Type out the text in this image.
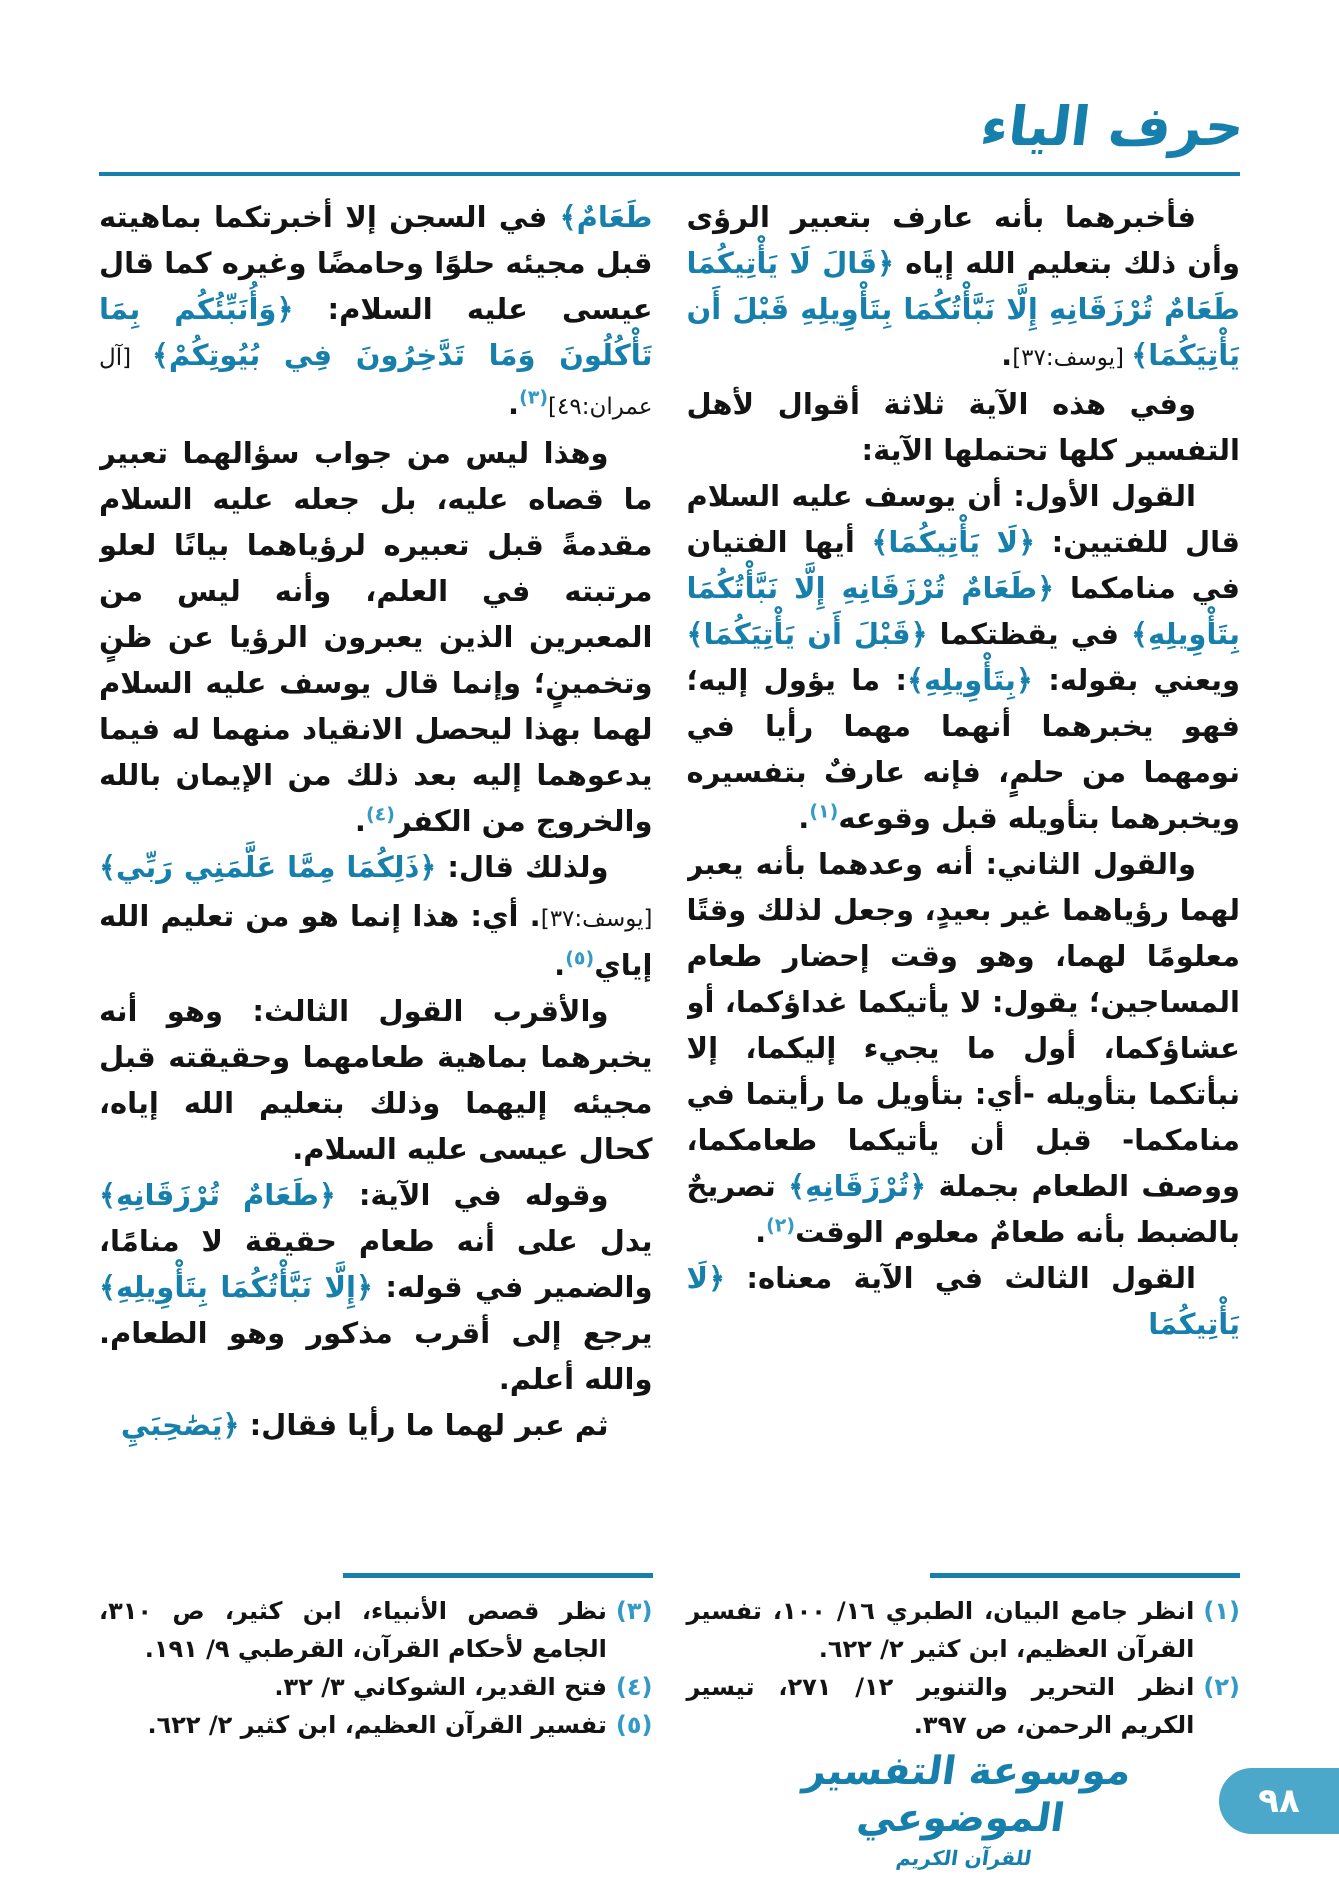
حرف الياء

فأخبرهما بأنه عارف بتعبير الرؤى وأن ذلك بتعليم الله إياه ﴿قَالَ لَا يَأْتِيكُمَا طَعَامٌ تُرْزَقَانِهِ إِلَّا نَبَّأْتُكُمَا بِتَأْوِيلِهِ قَبْلَ أَن يَأْتِيَكُمَا﴾ [يوسف:٣٧].

وفي هذه الآية ثلاثة أقوال لأهل التفسير كلها تحتملها الآية:

القول الأول: أن يوسف عليه السلام قال للفتيين: ﴿لَا يَأْتِيكُمَا﴾ أيها الفتيان في منامكما ﴿طَعَامٌ تُرْزَقَانِهِ إِلَّا نَبَّأْتُكُمَا بِتَأْوِيلِهِ﴾ في يقظتكما ﴿قَبْلَ أَن يَأْتِيَكُمَا﴾ ويعني بقوله: ﴿بِتَأْوِيلِهِ﴾: ما يؤول إليه؛ فهو يخبرهما أنهما مهما رأيا في نومهما من حلمٍ، فإنه عارفٌ بتفسيره ويخبرهما بتأويله قبل وقوعه$^{(١)}$.

والقول الثاني: أنه وعدهما بأنه يعبر لهما رؤياهما غير بعيدٍ، وجعل لذلك وقتًا معلومًا لهما، وهو وقت إحضار طعام المساجين؛ يقول: لا يأتيكما غداؤكما، أو عشاؤكما، أول ما يجيء إليكما، إلا نبأتكما بتأويله -أي: بتأويل ما رأيتما في منامكما- قبل أن يأتيكما طعامكما، ووصف الطعام بجملة ﴿تُرْزَقَانِهِ﴾ تصريحٌ بالضبط بأنه طعامٌ معلوم الوقت$^{(٢)}$.

القول الثالث في الآية معناه: ﴿لَا يَأْتِيكُمَا

(١)
انظر جامع البيان، الطبري ١٦/ ١٠٠، تفسير القرآن العظيم، ابن كثير ٢/ ٦٢٢.
(٢)
انظر التحرير والتنوير ١٢/ ٢٧١، تيسير الكريم الرحمن، ص ٣٩٧.

طَعَامٌ﴾ في السجن إلا أخبرتكما بماهيته قبل مجيئه حلوًا وحامضًا وغيره كما قال عيسى عليه السلام: ﴿وَأُنَبِّئُكُم بِمَا تَأْكُلُونَ وَمَا تَدَّخِرُونَ فِي بُيُوتِكُمْ﴾ [آل عمران:٤٩]$^{(٣)}$.

وهذا ليس من جواب سؤالهما تعبير ما قصاه عليه، بل جعله عليه السلام مقدمةً قبل تعبيره لرؤياهما بيانًا لعلو مرتبته في العلم، وأنه ليس من المعبرين الذين يعبرون الرؤيا عن ظنٍ وتخمينٍ؛ وإنما قال يوسف عليه السلام لهما بهذا ليحصل الانقياد منهما له فيما يدعوهما إليه بعد ذلك من الإيمان بالله والخروج من الكفر$^{(٤)}$.

ولذلك قال: ﴿ذَلِكُمَا مِمَّا عَلَّمَنِي رَبِّي﴾ [يوسف:٣٧]. أي: هذا إنما هو من تعليم الله إياي$^{(٥)}$.

والأقرب القول الثالث: وهو أنه يخبرهما بماهية طعامهما وحقيقته قبل مجيئه إليهما وذلك بتعليم الله إياه، كحال عيسى عليه السلام.

وقوله في الآية: ﴿طَعَامٌ تُرْزَقَانِهِ﴾ يدل على أنه طعام حقيقة لا منامًا، والضمير في قوله: ﴿إِلَّا نَبَّأْتُكُمَا بِتَأْوِيلِهِ﴾ يرجع إلى أقرب مذكور وهو الطعام. والله أعلم.

ثم عبر لهما ما رأيا فقال: ﴿يَصَٰحِبَيِ

(٣)
نظر قصص الأنبياء، ابن كثير، ص ٣١٠، الجامع لأحكام القرآن، القرطبي ٩/ ١٩١.
(٤)
فتح القدير، الشوكاني ٣/ ٣٢.
(٥)
تفسير القرآن العظيم، ابن كثير ٢/ ٦٢٢.
موسوعة التفسير الموضوعي
للقرآن الكريم
٩٨
